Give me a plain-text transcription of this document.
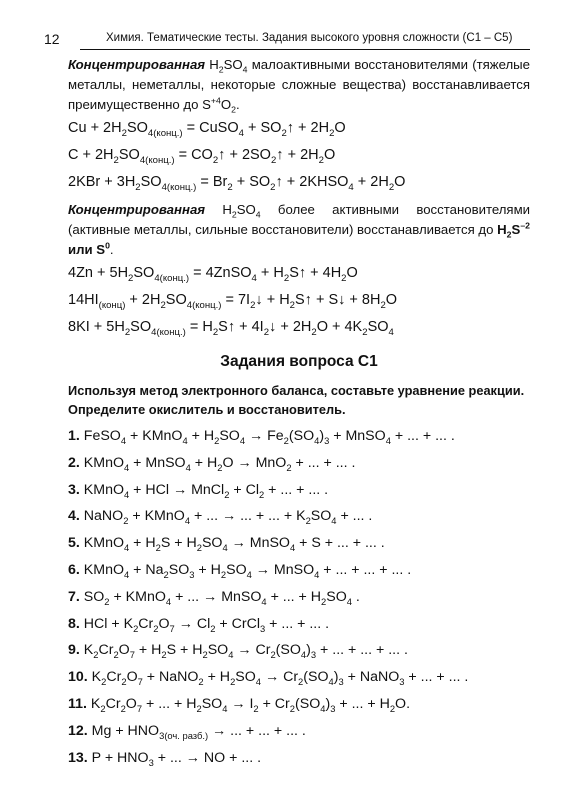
12	Химия. Тематические тесты. Задания высокого уровня сложности (C1 – C5)

Концентрированная $H_2SO_4$ малоактивными восстановителями (тяжелые металлы, неметаллы, некоторые сложные вещества) восстанавливается преимущественно до $S^{+4}O_2$.

$Cu + 2H_2SO_{4(конц.)}$ = CuSO$_4$ + $SO_2↑ + 2H_2O$
$C + 2H_2SO_{4(конц.)}$ = $CO_2↑$ + $2SO_2↑ + 2H_2O$
$2KBr + 3H_2SO_{4(конц.)} = Br_2$ + $SO_2↑$ + $2KHSO_4 + 2H_2O$

Концентрированная $H_2SO_4$ более активными восстановителями (активные металлы, сильные восстановители) восстанавливается до $H_2S^{-2}$ или $S^0$.

$4Zn + 5H_2SO_{4(конц.)}$ = 4ZnSO$_4$ + $H_2S↑ + 4H_2O$
$14HI_{(конц)} + 2H_2SO_{4(конц.)}$ = $7I_2↓$ + $H_2S↑$ + S↓ + $8H_2O$
$8KI + 5H_2SO_{4(конц.)}$ = $H_2S↑$ + $4I_2↓ + 2H_2O + 4K_2SO_4$
Задания вопроса С1

Используя метод электронного баланса, составьте уравнение реакции. Определите окислитель и восстановитель.

1. FeSO$_4$ + KMnO$_4$ + $H_2SO_4 \to Fe_2(SO_4)_3$ + MnSO$_4$ + ... + ... .
2. KMnO$_4$ + MnSO$_4$ + $H_2O \to MnO_2$ + ... + ... .
3. KMnO$_4$ + HCl → MnCl$_2$ + $Cl_2$ + ... + ... .
4. NaNO$_2$ + KMnO$_4$ + ... → ... + ... + $K_2SO_4$ + ... .
5. KMnO$_4$ + $H_2S + H_2SO_4$ → MnSO$_4$ + S + ... + ... .
6. KMnO$_4$ + $Na_2SO_3 + H_2SO_4$ → MnSO$_4$ + ... + ... + ... .
7. $SO_2$ + KMnO$_4$ + ... → MnSO$_4$ + ... + $H_2SO_4$ .
8. HCl + $K_2Cr_2O_7 \to Cl_2$ + CrCl$_3$ + ... + ... .
9. $K_2Cr_2O_7 + H_2S + H_2SO_4 \to Cr_2(SO_4)_3$ + ... + ... + ... .
10. $K_2Cr_2O_7$ + NaNO$_2$ + $H_2SO_4 \to Cr_2(SO_4)_3$ + NaNO$_3$ + ... + ... .
11. $K_2Cr_2O_7$ + ... + $H_2SO_4 \to I_2 + Cr_2(SO_4)_3$ + ... + $H_2O$.
12. $Mg + HNO_{3(оч. разб.)}$ → ... + ... + ... .
13. $P + HNO_3$ + ... → NO + ... .
